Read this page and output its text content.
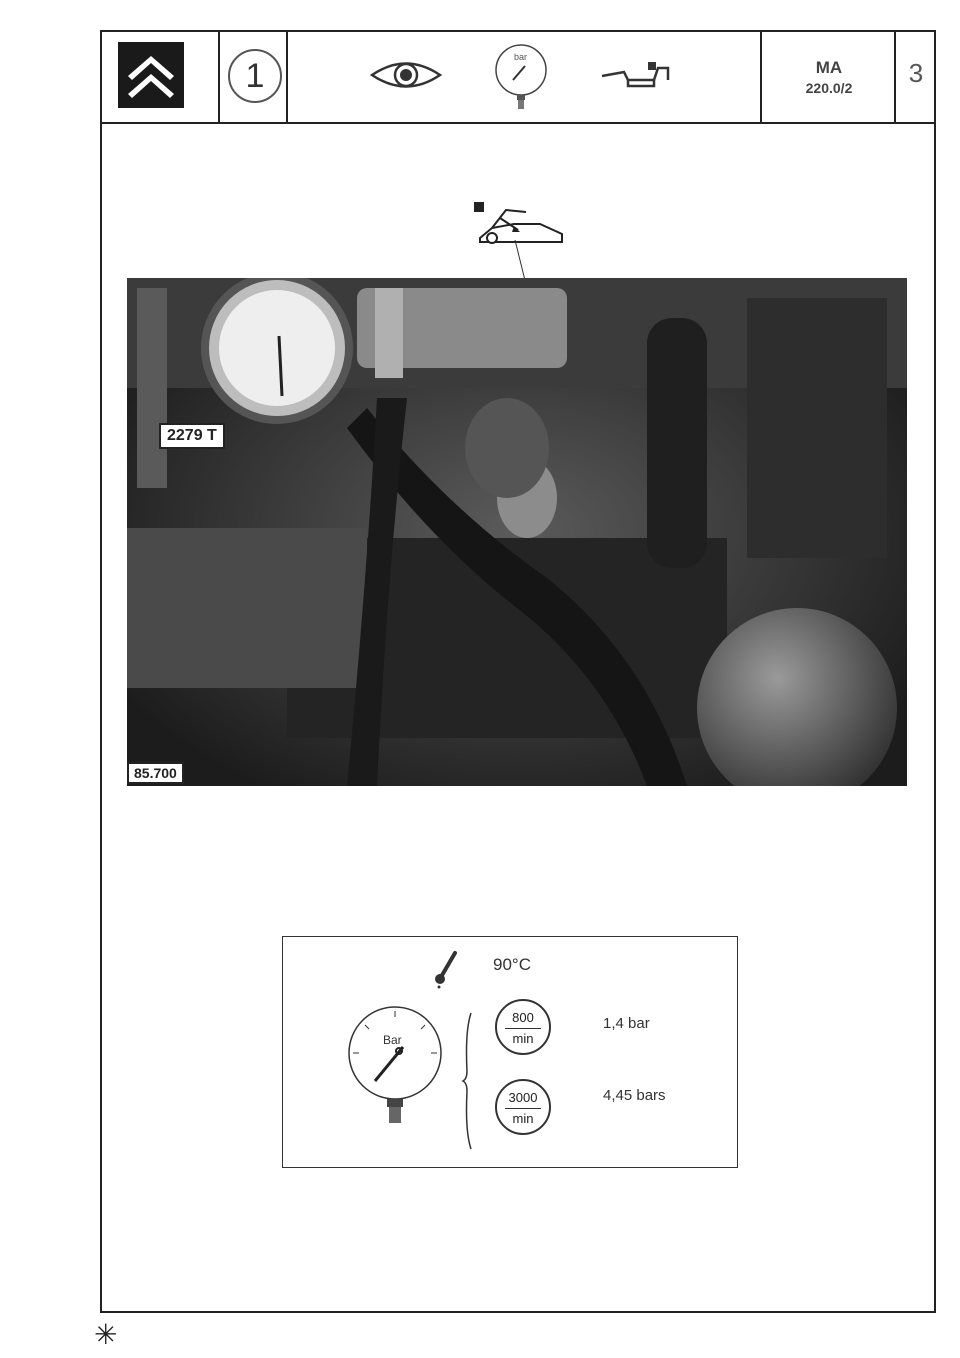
1	bar
MA
220.0/2	3
2279 T
85.700
90°C
Bar
800
min
1,4 bar
3000
min
4,45 bars
✳
